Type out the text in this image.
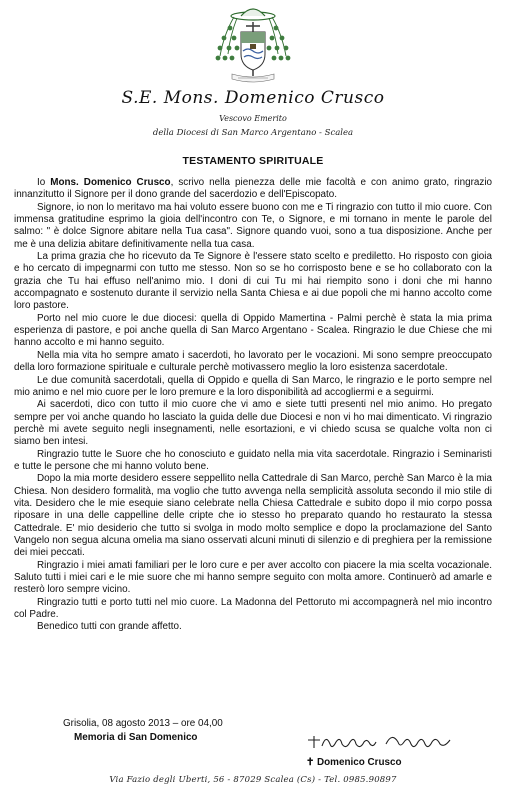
S.E. Mons. Domenico Crusco
Vescovo Emerito
della Diocesi di San Marco Argentano - Scalea
TESTAMENTO SPIRITUALE

Io Mons. Domenico Crusco, scrivo nella pienezza delle mie facoltà e con animo grato, ringrazio innanzitutto il Signore per il dono grande del sacerdozio e dell'Episcopato.

Signore, io non lo meritavo ma hai voluto essere buono con me e Ti ringrazio con tutto il mio cuore. Con immensa gratitudine esprimo la gioia dell'incontro con Te, o Signore, e mi tornano in mente le parole del salmo: " è dolce Signore abitare nella Tua casa". Signore quando vuoi, sono a tua disposizione. Anche per me è una delizia abitare definitivamente nella tua casa.

La prima grazia che ho ricevuto da Te Signore è l'essere stato scelto e prediletto. Ho risposto con gioia e ho cercato di impegnarmi con tutto me stesso. Non so se ho corrisposto bene e se ho collaborato con la grazia che Tu hai effuso nell'animo mio. I doni di cui Tu mi hai riempito sono i doni che mi hanno accompagnato e sostenuto durante il servizio nella Santa Chiesa e ai due popoli che mi hanno accolto come loro pastore.

Porto nel mio cuore le due diocesi: quella di Oppido Mamertina - Palmi perchè è stata la mia prima esperienza di pastore, e poi anche quella di San Marco Argentano - Scalea. Ringrazio le due Chiese che mi hanno accolto e mi hanno seguito.

Nella mia vita ho sempre amato i sacerdoti, ho lavorato per le vocazioni. Mi sono sempre preoccupato della loro formazione spirituale e culturale perchè motivassero meglio la loro esistenza sacerdotale.

Le due comunità sacerdotali, quella di Oppido e quella di San Marco, le ringrazio e le porto sempre nel mio animo e nel mio cuore per le loro premure e la loro disponibilità ad accogliermi e a seguirmi.

Ai sacerdoti, dico con tutto il mio cuore che vi amo e siete tutti presenti nel mio animo. Ho pregato sempre per voi anche quando ho lasciato la guida delle due Diocesi e non vi ho mai dimenticato. Vi ringrazio perchè mi avete seguito negli insegnamenti, nelle esortazioni, e vi chiedo scusa se qualche volta non ci siamo ben intesi.

Ringrazio tutte le Suore che ho conosciuto e guidato nella mia vita sacerdotale. Ringrazio i Seminaristi e tutte le persone che mi hanno voluto bene.

Dopo la mia morte desidero essere seppellito nella Cattedrale di San Marco, perchè San Marco è la mia Chiesa. Non desidero formalità, ma voglio che tutto avvenga nella semplicità assoluta secondo il mio stile di vita. Desidero che le mie esequie siano celebrate nella Chiesa Cattedrale e subito dopo il mio corpo possa riposare in una delle cappelline delle cripte che io stesso ho preparato quando ho restaurato la stessa Cattedrale. E' mio desiderio che tutto si svolga in modo molto semplice e dopo la proclamazione del Santo Vangelo non segua alcuna omelia ma siano osservati alcuni minuti di silenzio e di preghiera per la remissione dei miei peccati.

Ringrazio i miei amati familiari per le loro cure e per aver accolto con piacere la mia scelta vocazionale. Saluto tutti i miei cari e le mie suore che mi hanno sempre seguito con molta amore. Continuerò ad amarle e resterò loro sempre vicino.

Ringrazio tutti e porto tutti nel mio cuore. La Madonna del Pettoruto mi accompagnerà nel mio incontro col Padre.

Benedico tutti con grande affetto.

Grisolia, 08 agosto 2013 – ore 04,00
Memoria di San Domenico
✝ Domenico Crusco
Via Fazio degli Uberti, 56 - 87029 Scalea (Cs) - Tel. 0985.90897
